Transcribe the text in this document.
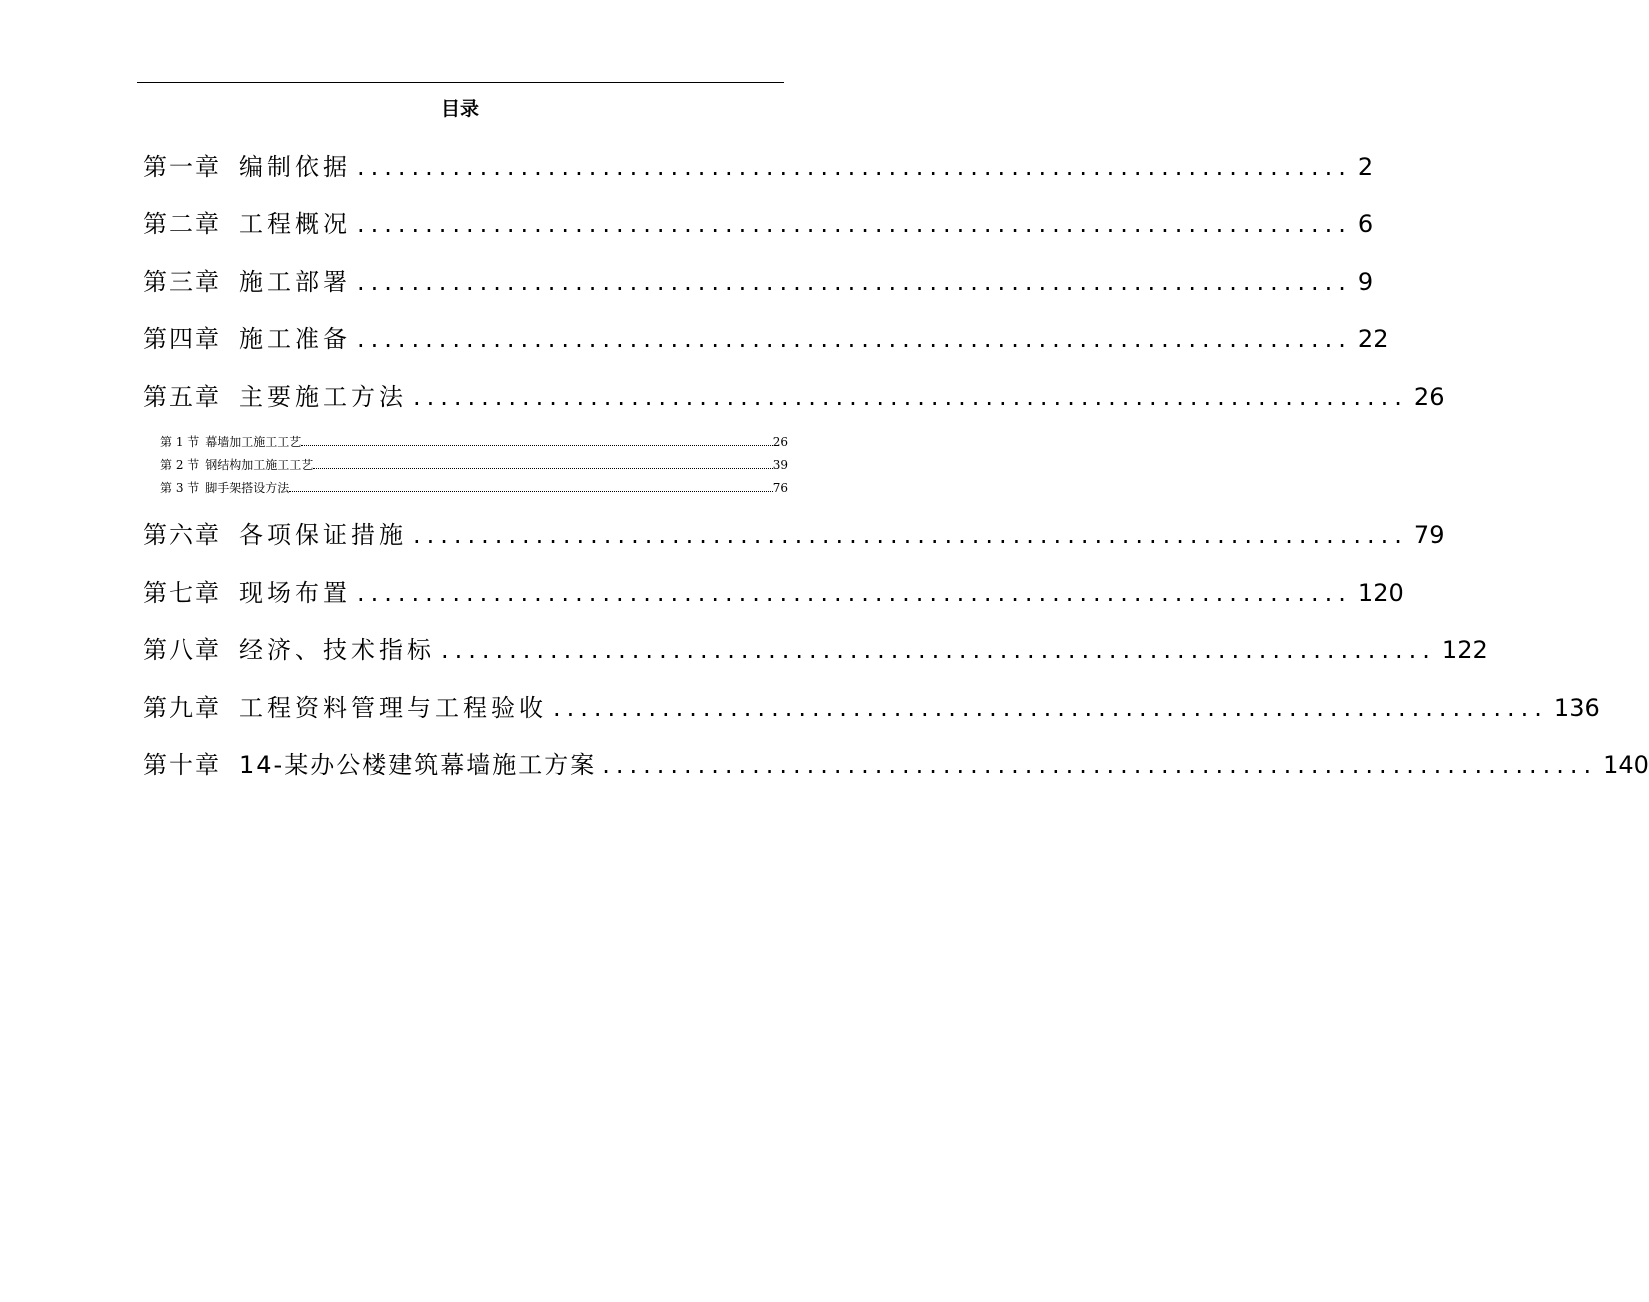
目录
第一章 编制依据 ......................................................................... 2
第二章 工程概况 ......................................................................... 6
第三章 施工部署 ......................................................................... 9
第四章 施工准备 ......................................................................... 22
第五章 主要施工方法 ......................................................................... 26
第 1 节 幕墙加工施工工艺	26
第 2 节 钢结构加工施工工艺	39
第 3 节 脚手架搭设方法	76
第六章 各项保证措施 ......................................................................... 79
第七章 现场布置 ......................................................................... 120
第八章 经济、技术指标 ......................................................................... 122
第九章 工程资料管理与工程验收 ......................................................................... 136
第十章 14-某办公楼建筑幕墙施工方案 ......................................................................... 140
